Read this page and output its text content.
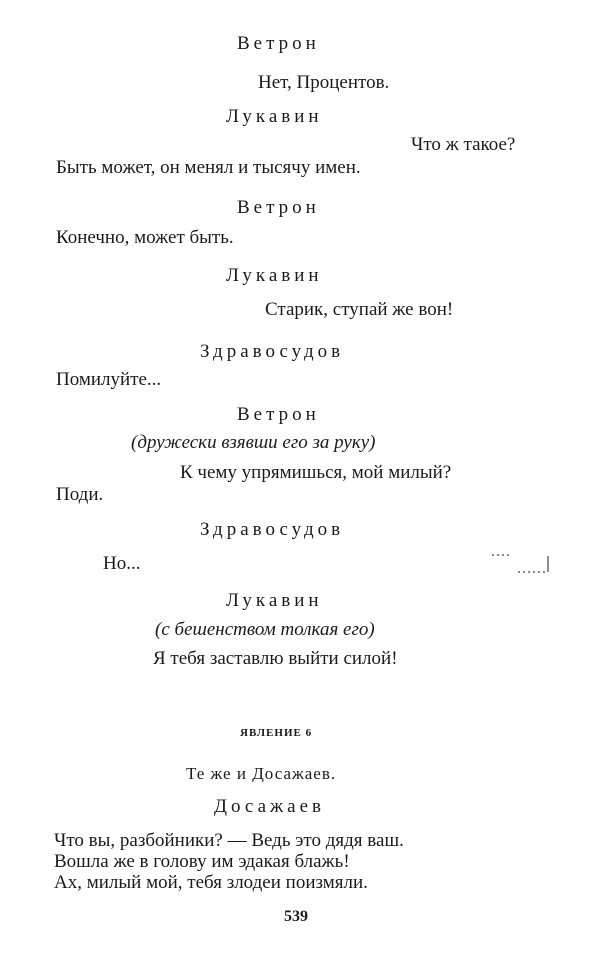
Ветрон
Нет, Процентов.
Лукавин
Что ж такое?
Быть может, он менял и тысячу имен.
Ветрон
Конечно, может быть.
Лукавин
Старик, ступай же вон!
Здравосудов
Помилуйте...
Ветрон
(дружески взявши его за руку)
К чему упрямишься, мой милый?
Поди.
Здравосудов
Но...
Лукавин
(с бешенством толкая его)
Я тебя заставлю выйти силой!
ЯВЛЕНИЕ 6
Те же и Досажаев.
Досажаев
Что вы, разбойники? — Ведь это дядя ваш.
Вошла же в голову им эдакая блажь!
Ах, милый мой, тебя злодеи поизмяли.
539
